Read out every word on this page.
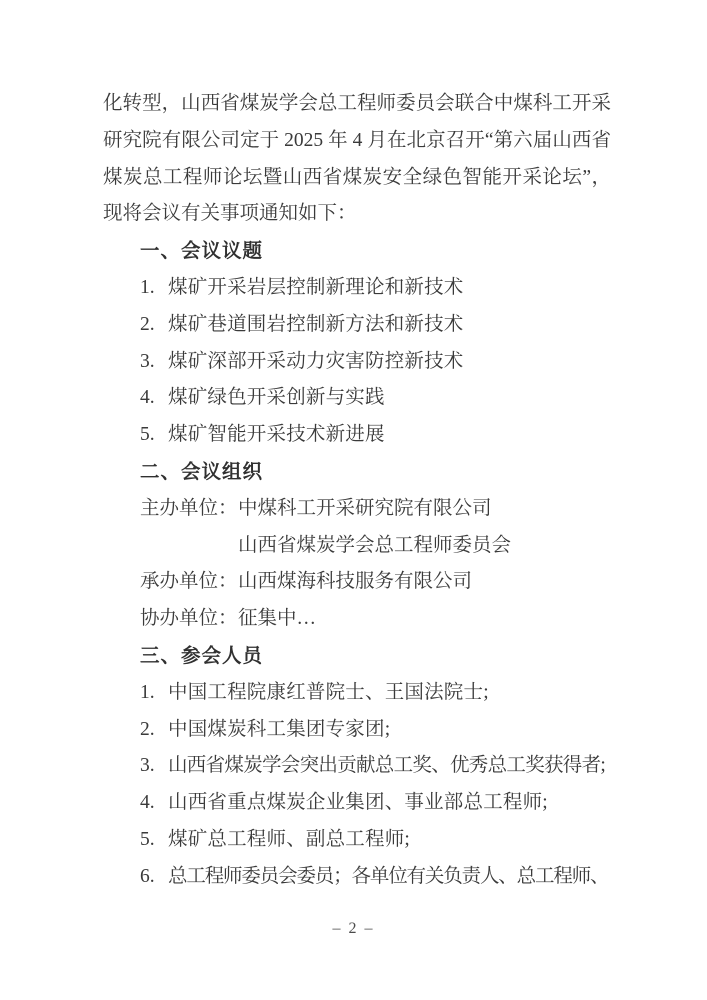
化转型，山西省煤炭学会总工程师委员会联合中煤科工开采研究院有限公司定于 2025 年 4 月在北京召开“第六届山西省煤炭总工程师论坛暨山西省煤炭安全绿色智能开采论坛”，现将会议有关事项通知如下：

一、会议议题
1. 煤矿开采岩层控制新理论和新技术
2. 煤矿巷道围岩控制新方法和新技术
3. 煤矿深部开采动力灾害防控新技术
4. 煤矿绿色开采创新与实践
5. 煤矿智能开采技术新进展
二、会议组织
主办单位：中煤科工开采研究院有限公司
山西省煤炭学会总工程师委员会
承办单位：山西煤海科技服务有限公司
协办单位：征集中…
三、参会人员
1. 中国工程院康红普院士、王国法院士;
2. 中国煤炭科工集团专家团;
3. 山西省煤炭学会突出贡献总工奖、优秀总工奖获得者;
4. 山西省重点煤炭企业集团、事业部总工程师;
5. 煤矿总工程师、副总工程师;
6. 总工程师委员会委员；各单位有关负责人、总工程师、
– 2 –
